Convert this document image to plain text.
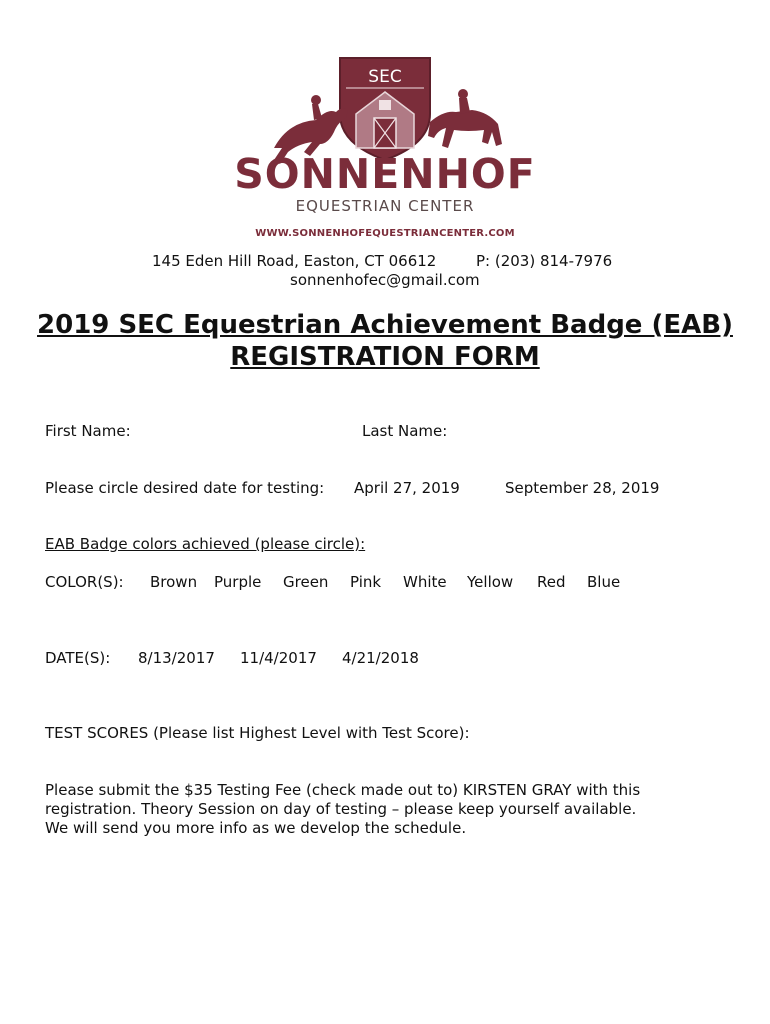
SEC
SONNENHOF
EQUESTRIAN CENTER
WWW.SONNENHOFEQUESTRIANCENTER.COM
145 Eden Hill Road, Easton, CT 06612	P: (203) 814-7976
sonnenhofec@gmail.com
2019 SEC Equestrian Achievement Badge (EAB)
REGISTRATION FORM
First Name:	Last Name:
Please circle desired date for testing: April 27, 2019	September 28, 2019
EAB Badge colors achieved (please circle):
COLOR(S): Brown Purple Green Pink White Yellow Red Blue
DATE(S): 8/13/2017 11/4/2017 4/21/2018
TEST SCORES (Please list Highest Level with Test Score):
Please submit the $35 Testing Fee (check made out to) KIRSTEN GRAY with this
registration. Theory Session on day of testing – please keep yourself available.
We will send you more info as we develop the schedule.
